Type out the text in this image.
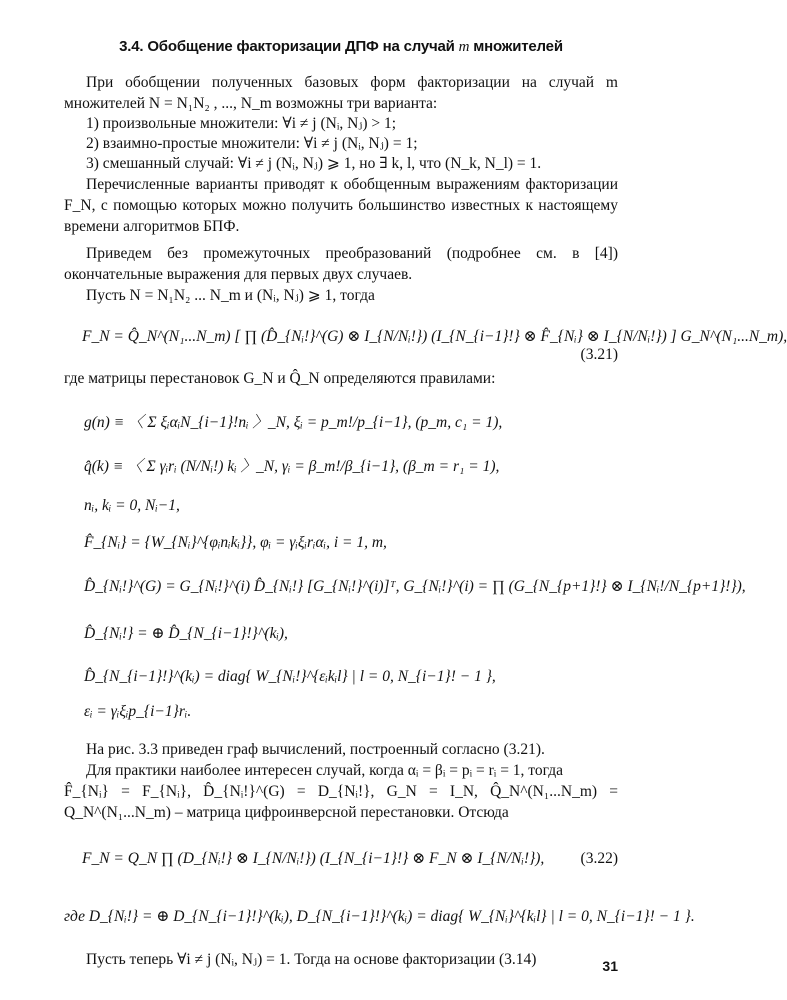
3.4. Обобщение факторизации ДПФ на случай m множителей

При обобщении полученных базовых форм факторизации на случай m множителей N = N₁N₂ , ..., N_m возможны три варианта:

1) произвольные множители: ∀i ≠ j (Nᵢ, Nⱼ) > 1;
2) взаимно-простые множители: ∀i ≠ j (Nᵢ, Nⱼ) = 1;
3) смешанный случай: ∀i ≠ j (Nᵢ, Nⱼ) ⩾ 1, но ∃ k, l, что (N_k, N_l) = 1.

Перечисленные варианты приводят к обобщенным выражениям факторизации F_N, с помощью которых можно получить большинство известных к настоящему времени алгоритмов БПФ.

Приведем без промежуточных преобразований (подробнее см. в [4]) окончательные выражения для первых двух случаев.

Пусть N = N₁N₂ ... N_m и (Nᵢ, Nⱼ) ⩾ 1, тогда

F_N = Q̂_N^(N₁...N_m) [ ∏ (D̂_{Nᵢ!}^(G) ⊗ I_{N/Nᵢ!}) (I_{N_{i−1}!} ⊗ F̂_{Nᵢ} ⊗ I_{N/Nᵢ!}) ] G_N^(N₁...N_m),
(3.21)

где матрицы перестановок G_N и Q̂_N определяются правилами:

g(n) ≡ 〈 Σ ξᵢαᵢN_{i−1}!nᵢ 〉_N, ξᵢ = p_m!/p_{i−1}, (p_m, c₁ = 1),
q̂(k) ≡ 〈 Σ γᵢrᵢ (N/Nᵢ!) kᵢ 〉_N, γᵢ = β_m!/β_{i−1}, (β_m = r₁ = 1),
nᵢ, kᵢ = 0, Nᵢ−1,
F̂_{Nᵢ} = {W_{Nᵢ}^{φᵢnᵢkᵢ}}, φᵢ = γᵢξᵢrᵢαᵢ, i = 1, m,
D̂_{Nᵢ!}^(G) = G_{Nᵢ!}^(i) D̂_{Nᵢ!} [G_{Nᵢ!}^(i)]ᵀ, G_{Nᵢ!}^(i) = ∏ (G_{N_{p+1}!} ⊗ I_{Nᵢ!/N_{p+1}!}),
D̂_{Nᵢ!} = ⊕ D̂_{N_{i−1}!}^(kᵢ),
D̂_{N_{i−1}!}^(kᵢ) = diag{ W_{Nᵢ!}^{εᵢkᵢl} | l = 0, N_{i−1}! − 1 },
εᵢ = γᵢξᵢp_{i−1}rᵢ.

На рис. 3.3 приведен граф вычислений, построенный согласно (3.21).

Для практики наиболее интересен случай, когда αᵢ = βᵢ = pᵢ = rᵢ = 1, тогда

F̂_{Nᵢ} = F_{Nᵢ}, D̂_{Nᵢ!}^(G) = D_{Nᵢ!}, G_N = I_N, Q̂_N^(N₁...N_m) = Q_N^(N₁...N_m) – матрица цифроинверсной перестановки. Отсюда

F_N = Q_N ∏ (D_{Nᵢ!} ⊗ I_{N/Nᵢ!}) (I_{N_{i−1}!} ⊗ F_N ⊗ I_{N/Nᵢ!}), (3.22)
где D_{Nᵢ!} = ⊕ D_{N_{i−1}!}^(kᵢ), D_{N_{i−1}!}^(kᵢ) = diag{ W_{Nᵢ}^{kᵢl} | l = 0, N_{i−1}! − 1 }.

Пусть теперь ∀i ≠ j (Nᵢ, Nⱼ) = 1. Тогда на основе факторизации (3.14)	31
